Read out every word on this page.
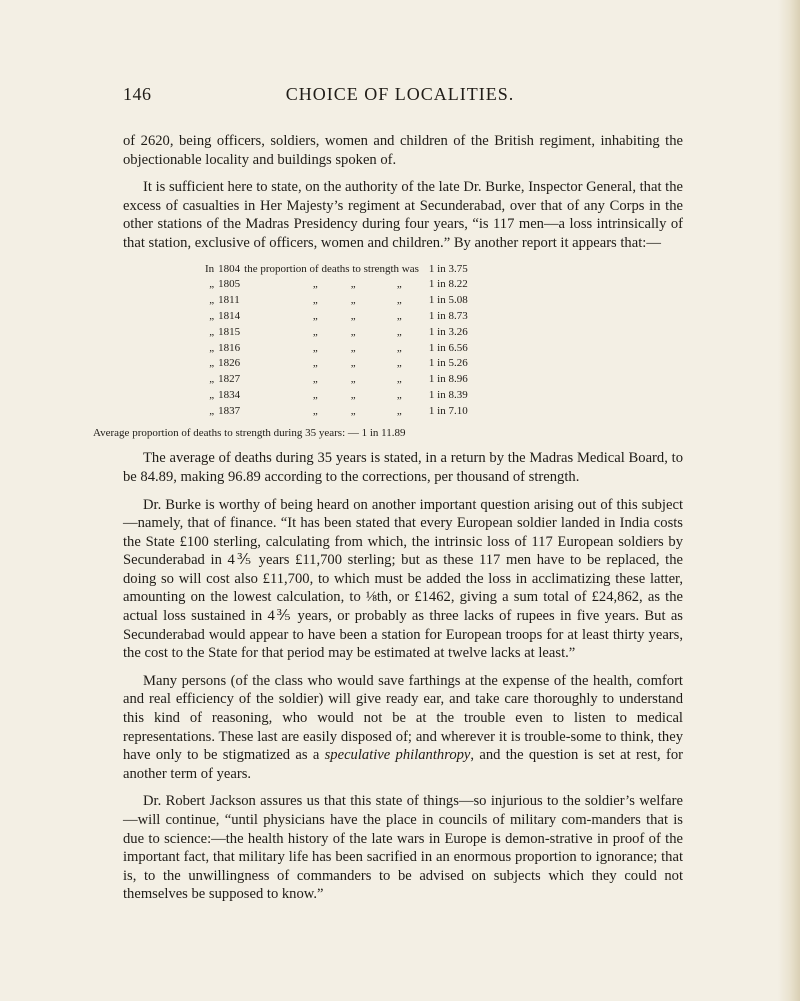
146	CHOICE OF LOCALITIES.

of 2620, being officers, soldiers, women and children of the British regiment, inhabiting the objectionable locality and buildings spoken of.

It is sufficient here to state, on the authority of the late Dr. Burke, Inspector General, that the excess of casualties in Her Majesty’s regiment at Secunderabad, over that of any Corps in the other stations of the Madras Presidency during four years, “is 117 men—a loss intrinsically of that station, exclusive of officers, women and children.” By another report it appears that:—

In	1804	the proportion of deaths to strength was	1 in 3.75
„	1805	„            „               „	1 in 8.22
„	1811	„            „               „	1 in 5.08
„	1814	„            „               „	1 in 8.73
„	1815	„            „               „	1 in 3.26
„	1816	„            „               „	1 in 6.56
„	1826	„            „               „	1 in 5.26
„	1827	„            „               „	1 in 8.96
„	1834	„            „               „	1 in 8.39
„	1837	„            „               „	1 in 7.10
Average proportion of deaths to strength during 35 years: — 1 in 11.89

The average of deaths during 35 years is stated, in a return by the Madras Medical Board, to be 84.89, making 96.89 according to the corrections, per thousand of strength.

Dr. Burke is worthy of being heard on another important question arising out of this subject—namely, that of finance. “It has been stated that every European soldier landed in India costs the State £100 sterling, calculating from which, the intrinsic loss of 117 European soldiers by Secunderabad in 4⅗ years £11,700 sterling; but as these 117 men have to be replaced, the doing so will cost also £11,700, to which must be added the loss in acclimatizing these latter, amounting on the lowest calculation, to ⅛th, or £1462, giving a sum total of £24,862, as the actual loss sustained in 4⅗ years, or probably as three lacks of rupees in five years. But as Secunderabad would appear to have been a station for European troops for at least thirty years, the cost to the State for that period may be estimated at twelve lacks at least.”

Many persons (of the class who would save farthings at the expense of the health, comfort and real efficiency of the soldier) will give ready ear, and take care thoroughly to understand this kind of reasoning, who would not be at the trouble even to listen to medical representations. These last are easily disposed of; and wherever it is trouble-some to think, they have only to be stigmatized as a speculative philanthropy, and the question is set at rest, for another term of years.

Dr. Robert Jackson assures us that this state of things—so injurious to the soldier’s welfare—will continue, “until physicians have the place in councils of military com-manders that is due to science:—the health history of the late wars in Europe is demon-strative in proof of the important fact, that military life has been sacrified in an enormous proportion to ignorance; that is, to the unwillingness of commanders to be advised on subjects which they could not themselves be supposed to know.”
